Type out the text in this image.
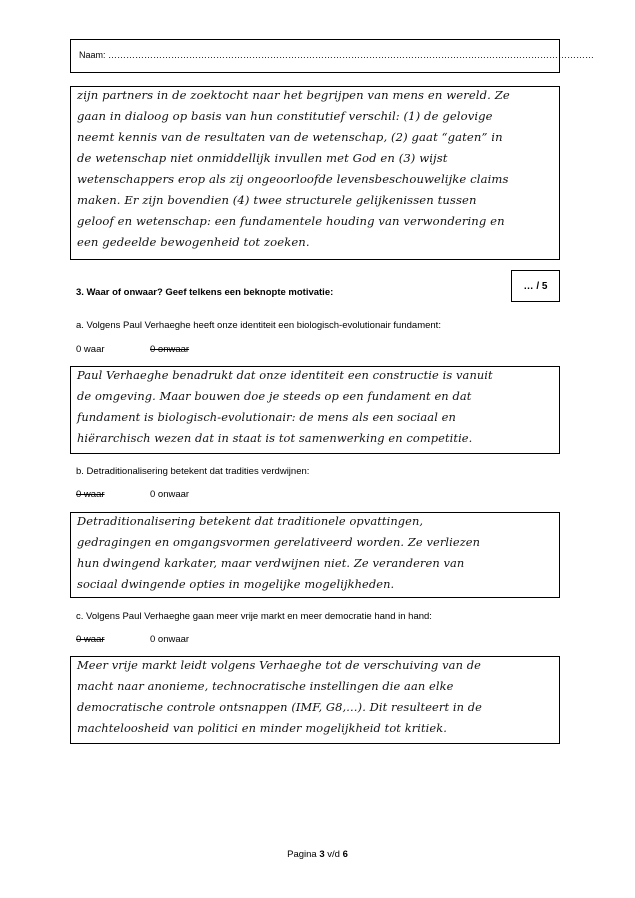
Naam: ………………………………………………………………………………………………………………………………………………
zijn partners in de zoektocht naar het begrijpen van mens en wereld. Ze
gaan in dialoog op basis van hun constitutief verschil: (1) de gelovige
neemt kennis van de resultaten van de wetenschap, (2) gaat “gaten” in
de wetenschap niet onmiddellijk invullen met God en (3) wijst
wetenschappers erop als zij ongeoorloofde levensbeschouwelijke claims
maken. Er zijn bovendien (4) twee structurele gelijkenissen tussen
geloof en wetenschap: een fundamentele houding van verwondering en
een gedeelde bewogenheid tot zoeken.
3. Waar of onwaar? Geef telkens een beknopte motivatie:
… / 5
a. Volgens Paul Verhaeghe heeft onze identiteit een biologisch-evolutionair fundament:
0 waar	0 onwaar
Paul Verhaeghe benadrukt dat onze identiteit een constructie is vanuit
de omgeving. Maar bouwen doe je steeds op een fundament en dat
fundament is biologisch-evolutionair: de mens als een sociaal en
hiërarchisch wezen dat in staat is tot samenwerking en competitie.
b. Detraditionalisering betekent dat tradities verdwijnen:
0 waar	0 onwaar
Detraditionalisering betekent dat traditionele opvattingen,
gedragingen en omgangsvormen gerelativeerd worden. Ze verliezen
hun dwingend karkater, maar verdwijnen niet. Ze veranderen van
sociaal dwingende opties in mogelijke mogelijkheden.
c. Volgens Paul Verhaeghe gaan meer vrije markt en meer democratie hand in hand:
0 waar	0 onwaar
Meer vrije markt leidt volgens Verhaeghe tot de verschuiving van de
macht naar anonieme, technocratische instellingen die aan elke
democratische controle ontsnappen (IMF, G8,…). Dit resulteert in de
machteloosheid van politici en minder mogelijkheid tot kritiek.
Pagina 3 v/d 6
